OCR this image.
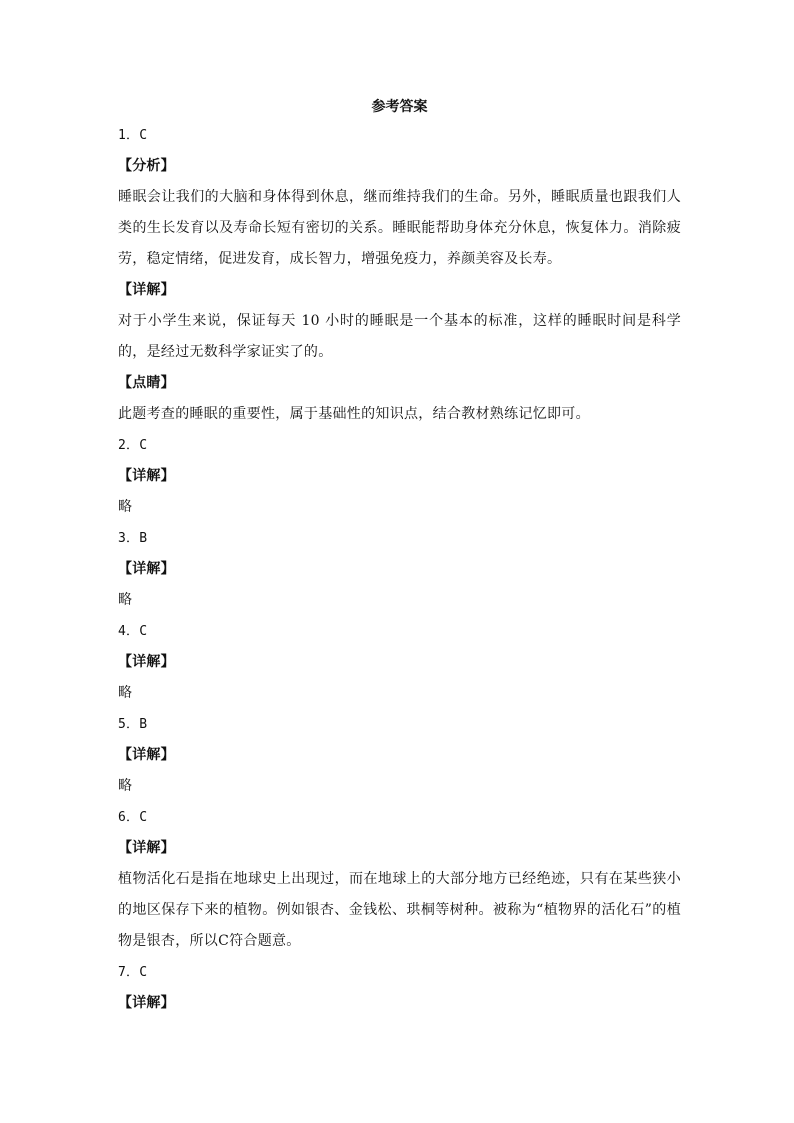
参考答案

1．C

【分析】

睡眠会让我们的大脑和身体得到休息，继而维持我们的生命。另外，睡眠质量也跟我们人类的生长发育以及寿命长短有密切的关系。睡眠能帮助身体充分休息，恢复体力。消除疲劳，稳定情绪，促进发育，成长智力，增强免疫力，养颜美容及长寿。

【详解】

对于小学生来说，保证每天 10 小时的睡眠是一个基本的标准，这样的睡眠时间是科学的，是经过无数科学家证实了的。

【点睛】

此题考查的睡眠的重要性，属于基础性的知识点，结合教材熟练记忆即可。

2．C

【详解】

略

3．B

【详解】

略

4．C

【详解】

略

5．B

【详解】

略

6．C

【详解】

植物活化石是指在地球史上出现过，而在地球上的大部分地方已经绝迹，只有在某些狭小的地区保存下来的植物。例如银杏、金钱松、珙桐等树种。被称为“植物界的活化石”的植物是银杏，所以C符合题意。

7．C

【详解】
